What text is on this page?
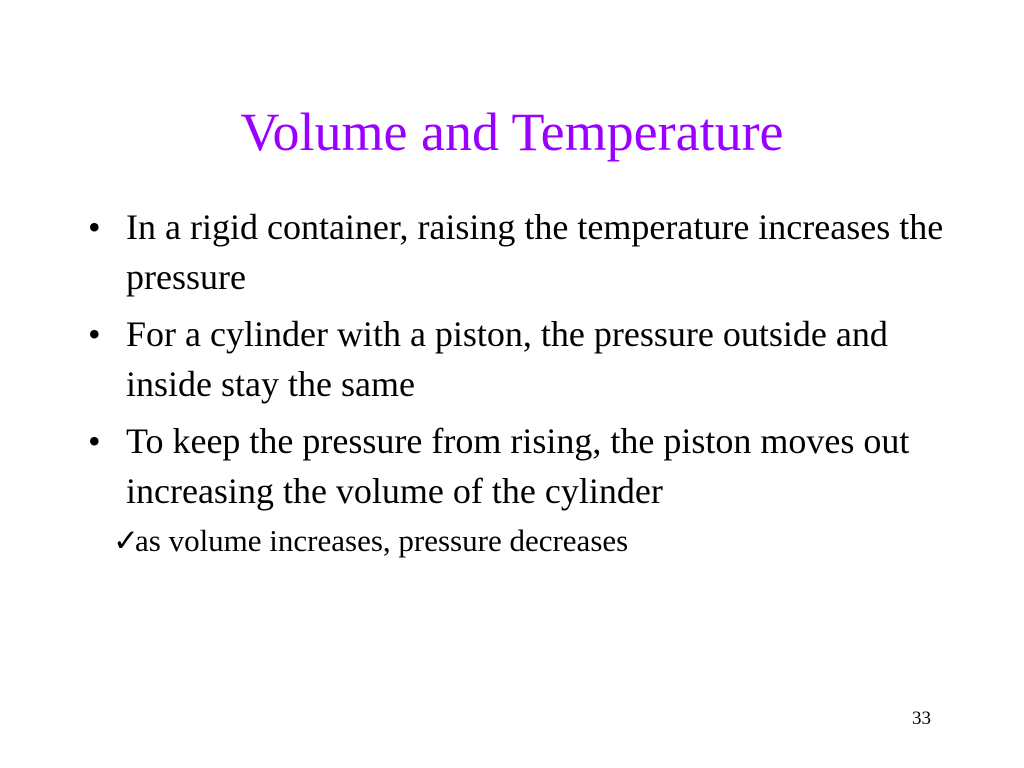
Volume and Temperature
• In a rigid container, raising the temperature increases the pressure
• For a cylinder with a piston, the pressure outside and inside stay the same
• To keep the pressure from rising, the piston moves out increasing the volume of the cylinder
✓
as volume increases, pressure decreases
33
